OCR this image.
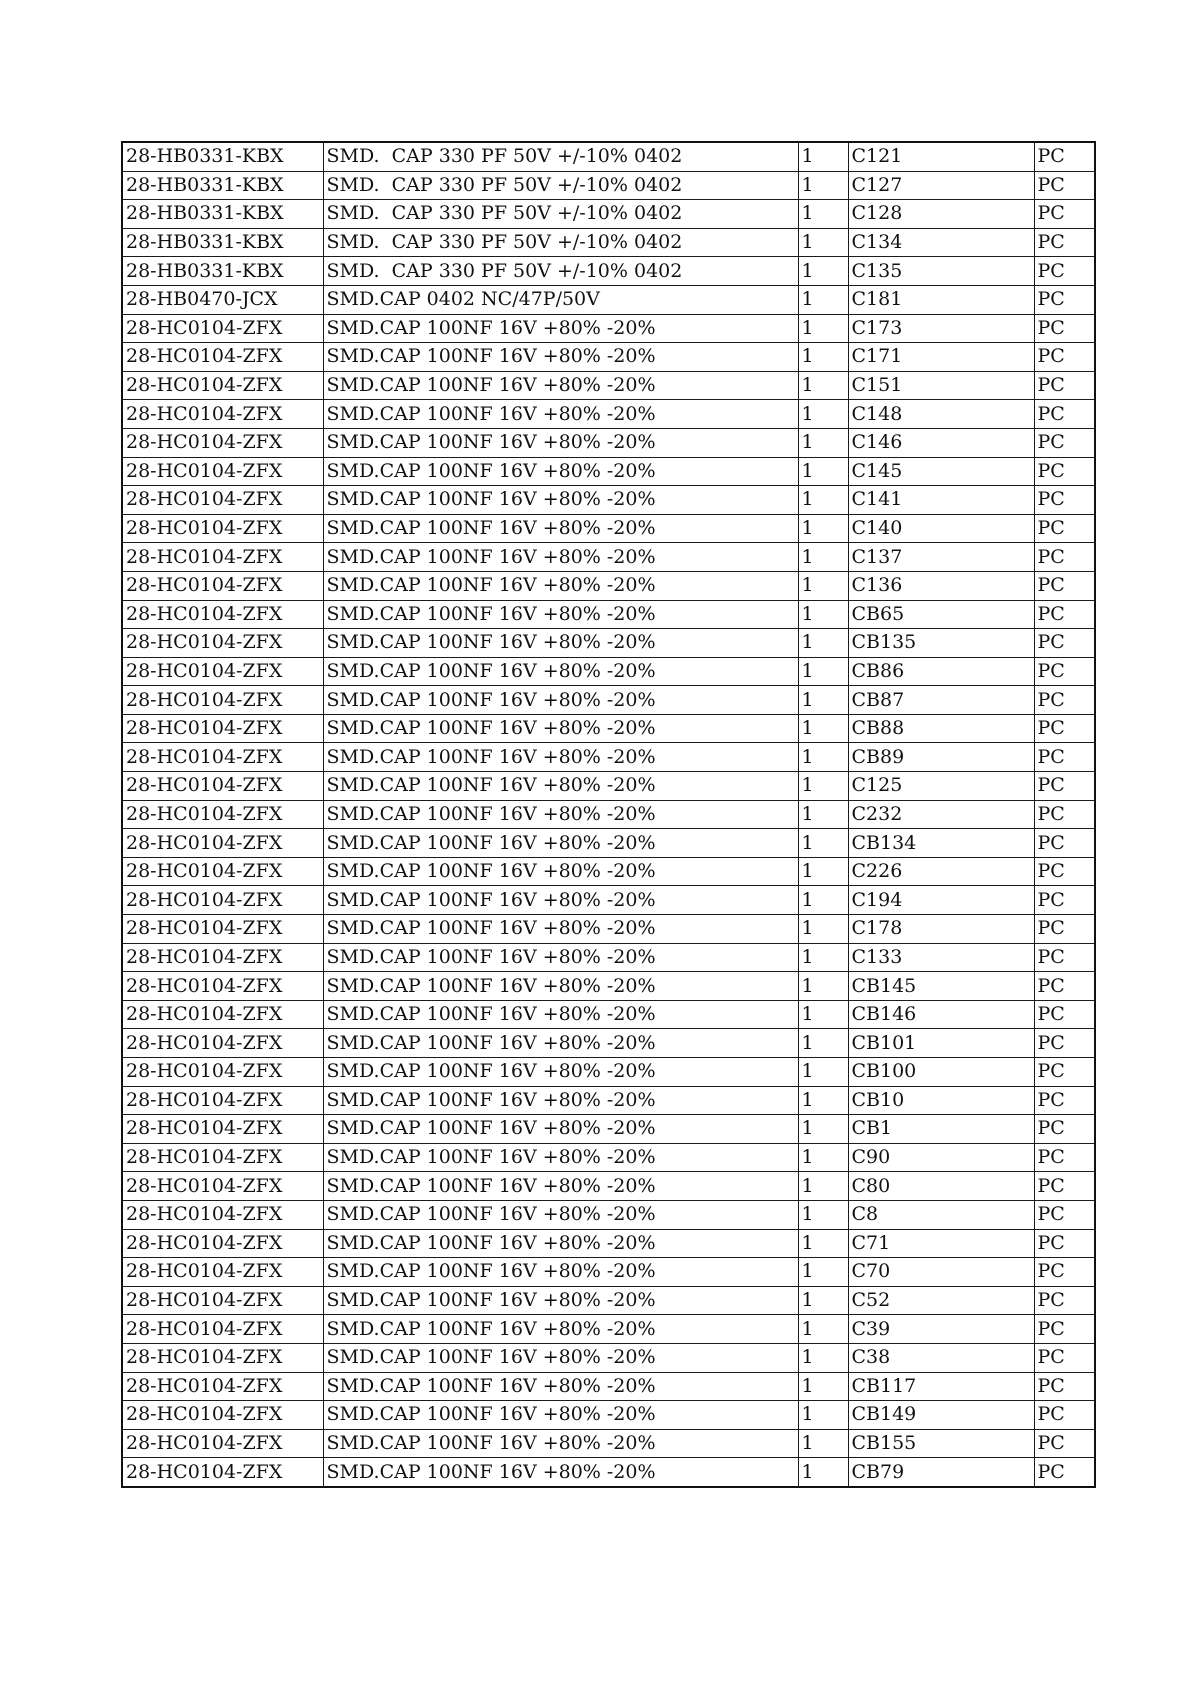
28-HB0331-KBX	SMD.  CAP 330 PF 50V +/-10% 0402	1	C121	PC
28-HB0331-KBX	SMD.  CAP 330 PF 50V +/-10% 0402	1	C127	PC
28-HB0331-KBX	SMD.  CAP 330 PF 50V +/-10% 0402	1	C128	PC
28-HB0331-KBX	SMD.  CAP 330 PF 50V +/-10% 0402	1	C134	PC
28-HB0331-KBX	SMD.  CAP 330 PF 50V +/-10% 0402	1	C135	PC
28-HB0470-JCX	SMD.CAP 0402 NC/47P/50V	1	C181	PC
28-HC0104-ZFX	SMD.CAP 100NF 16V +80% -20%	1	C173	PC
28-HC0104-ZFX	SMD.CAP 100NF 16V +80% -20%	1	C171	PC
28-HC0104-ZFX	SMD.CAP 100NF 16V +80% -20%	1	C151	PC
28-HC0104-ZFX	SMD.CAP 100NF 16V +80% -20%	1	C148	PC
28-HC0104-ZFX	SMD.CAP 100NF 16V +80% -20%	1	C146	PC
28-HC0104-ZFX	SMD.CAP 100NF 16V +80% -20%	1	C145	PC
28-HC0104-ZFX	SMD.CAP 100NF 16V +80% -20%	1	C141	PC
28-HC0104-ZFX	SMD.CAP 100NF 16V +80% -20%	1	C140	PC
28-HC0104-ZFX	SMD.CAP 100NF 16V +80% -20%	1	C137	PC
28-HC0104-ZFX	SMD.CAP 100NF 16V +80% -20%	1	C136	PC
28-HC0104-ZFX	SMD.CAP 100NF 16V +80% -20%	1	CB65	PC
28-HC0104-ZFX	SMD.CAP 100NF 16V +80% -20%	1	CB135	PC
28-HC0104-ZFX	SMD.CAP 100NF 16V +80% -20%	1	CB86	PC
28-HC0104-ZFX	SMD.CAP 100NF 16V +80% -20%	1	CB87	PC
28-HC0104-ZFX	SMD.CAP 100NF 16V +80% -20%	1	CB88	PC
28-HC0104-ZFX	SMD.CAP 100NF 16V +80% -20%	1	CB89	PC
28-HC0104-ZFX	SMD.CAP 100NF 16V +80% -20%	1	C125	PC
28-HC0104-ZFX	SMD.CAP 100NF 16V +80% -20%	1	C232	PC
28-HC0104-ZFX	SMD.CAP 100NF 16V +80% -20%	1	CB134	PC
28-HC0104-ZFX	SMD.CAP 100NF 16V +80% -20%	1	C226	PC
28-HC0104-ZFX	SMD.CAP 100NF 16V +80% -20%	1	C194	PC
28-HC0104-ZFX	SMD.CAP 100NF 16V +80% -20%	1	C178	PC
28-HC0104-ZFX	SMD.CAP 100NF 16V +80% -20%	1	C133	PC
28-HC0104-ZFX	SMD.CAP 100NF 16V +80% -20%	1	CB145	PC
28-HC0104-ZFX	SMD.CAP 100NF 16V +80% -20%	1	CB146	PC
28-HC0104-ZFX	SMD.CAP 100NF 16V +80% -20%	1	CB101	PC
28-HC0104-ZFX	SMD.CAP 100NF 16V +80% -20%	1	CB100	PC
28-HC0104-ZFX	SMD.CAP 100NF 16V +80% -20%	1	CB10	PC
28-HC0104-ZFX	SMD.CAP 100NF 16V +80% -20%	1	CB1	PC
28-HC0104-ZFX	SMD.CAP 100NF 16V +80% -20%	1	C90	PC
28-HC0104-ZFX	SMD.CAP 100NF 16V +80% -20%	1	C80	PC
28-HC0104-ZFX	SMD.CAP 100NF 16V +80% -20%	1	C8	PC
28-HC0104-ZFX	SMD.CAP 100NF 16V +80% -20%	1	C71	PC
28-HC0104-ZFX	SMD.CAP 100NF 16V +80% -20%	1	C70	PC
28-HC0104-ZFX	SMD.CAP 100NF 16V +80% -20%	1	C52	PC
28-HC0104-ZFX	SMD.CAP 100NF 16V +80% -20%	1	C39	PC
28-HC0104-ZFX	SMD.CAP 100NF 16V +80% -20%	1	C38	PC
28-HC0104-ZFX	SMD.CAP 100NF 16V +80% -20%	1	CB117	PC
28-HC0104-ZFX	SMD.CAP 100NF 16V +80% -20%	1	CB149	PC
28-HC0104-ZFX	SMD.CAP 100NF 16V +80% -20%	1	CB155	PC
28-HC0104-ZFX	SMD.CAP 100NF 16V +80% -20%	1	CB79	PC
